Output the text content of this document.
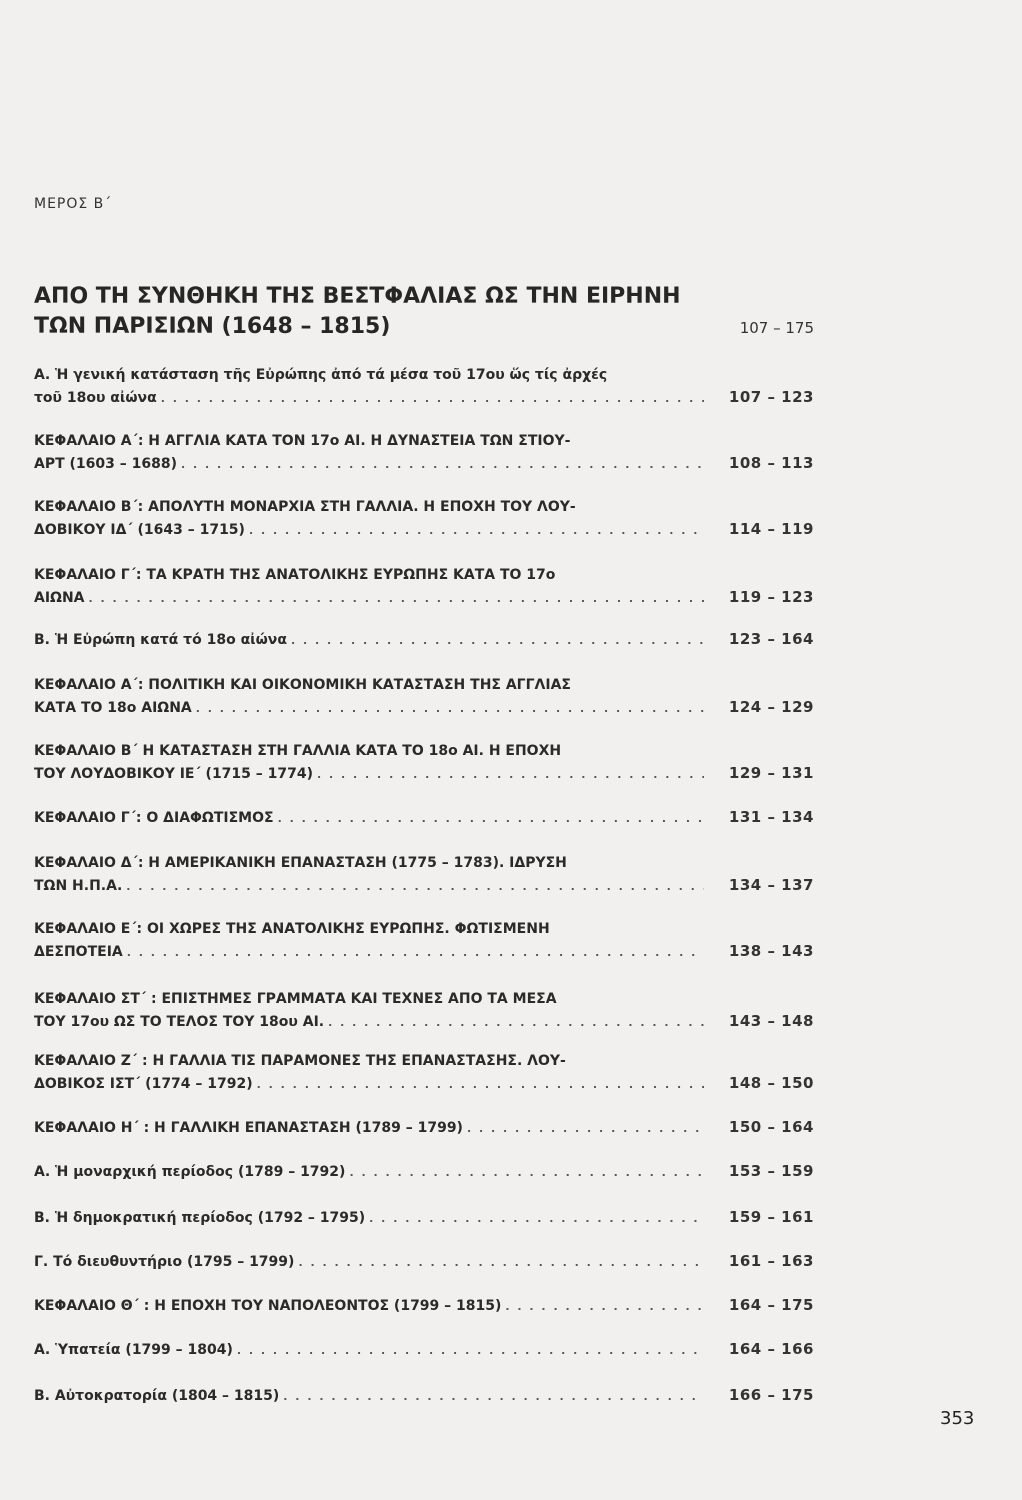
ΜΕΡΟΣ Β΄
ΑΠΟ ΤΗ ΣΥΝΘΗΚΗ ΤΗΣ ΒΕΣΤΦΑΛΙΑΣ ΩΣ ΤΗΝ ΕΙΡΗΝΗ
ΤΩΝ ΠΑΡΙΣΙΩΝ (1648 – 1815)	107 – 175
Α. Ἡ γενική κατάσταση τῆς Εὐρώπης ἀπό τά μέσα τοῦ 17ου ὥς τίς ἀρχές
τοῦ 18ου αἰώνα . . .	107 – 123
ΚΕΦΑΛΑΙΟ Α΄: Η ΑΓΓΛΙΑ ΚΑΤΑ ΤΟΝ 17ο ΑΙ. Η ΔΥΝΑΣΤΕΙΑ ΤΩΝ ΣΤΙΟΥ-
ΑΡΤ (1603 – 1688) . . .	108 – 113
ΚΕΦΑΛΑΙΟ Β΄: ΑΠΟΛΥΤΗ ΜΟΝΑΡΧΙΑ ΣΤΗ ΓΑΛΛΙΑ. Η ΕΠΟΧΗ ΤΟΥ ΛΟΥ-
ΔΟΒΙΚΟΥ ΙΔ΄ (1643 – 1715) . . .	114 – 119
ΚΕΦΑΛΑΙΟ Γ΄: ΤΑ ΚΡΑΤΗ ΤΗΣ ΑΝΑΤΟΛΙΚΗΣ ΕΥΡΩΠΗΣ ΚΑΤΑ ΤΟ 17ο
ΑΙΩΝΑ . . .	119 – 123
Β. Ἡ Εὐρώπη κατά τό 18ο αἰώνα . . .	123 – 164
ΚΕΦΑΛΑΙΟ Α΄: ΠΟΛΙΤΙΚΗ ΚΑΙ ΟΙΚΟΝΟΜΙΚΗ ΚΑΤΑΣΤΑΣΗ ΤΗΣ ΑΓΓΛΙΑΣ
ΚΑΤΑ ΤΟ 18ο ΑΙΩΝΑ . . .	124 – 129
ΚΕΦΑΛΑΙΟ Β΄ Η ΚΑΤΑΣΤΑΣΗ ΣΤΗ ΓΑΛΛΙΑ ΚΑΤΑ ΤΟ 18ο ΑΙ. Η ΕΠΟΧΗ
ΤΟΥ ΛΟΥΔΟΒΙΚΟΥ ΙΕ΄ (1715 – 1774) . . .	129 – 131
ΚΕΦΑΛΑΙΟ Γ΄: Ο ΔΙΑΦΩΤΙΣΜΟΣ . . .	131 – 134
ΚΕΦΑΛΑΙΟ Δ΄: Η ΑΜΕΡΙΚΑΝΙΚΗ ΕΠΑΝΑΣΤΑΣΗ (1775 – 1783). ΙΔΡΥΣΗ
ΤΩΝ Η.Π.Α. . . .	134 – 137
ΚΕΦΑΛΑΙΟ Ε΄: ΟΙ ΧΩΡΕΣ ΤΗΣ ΑΝΑΤΟΛΙΚΗΣ ΕΥΡΩΠΗΣ. ΦΩΤΙΣΜΕΝΗ
ΔΕΣΠΟΤΕΙΑ . . .	138 – 143
ΚΕΦΑΛΑΙΟ ΣΤ΄ : ΕΠΙΣΤΗΜΕΣ ΓΡΑΜΜΑΤΑ ΚΑΙ ΤΕΧΝΕΣ ΑΠΟ ΤΑ ΜΕΣΑ
ΤΟΥ 17ου ΩΣ ΤΟ ΤΕΛΟΣ ΤΟΥ 18ου ΑΙ. . . .	143 – 148
ΚΕΦΑΛΑΙΟ Ζ΄ : Η ΓΑΛΛΙΑ ΤΙΣ ΠΑΡΑΜΟΝΕΣ ΤΗΣ ΕΠΑΝΑΣΤΑΣΗΣ. ΛΟΥ-
ΔΟΒΙΚΟΣ ΙΣΤ΄ (1774 – 1792) . . .	148 – 150
ΚΕΦΑΛΑΙΟ Η΄ : Η ΓΑΛΛΙΚΗ ΕΠΑΝΑΣΤΑΣΗ (1789 – 1799) . . .	150 – 164
Α. Ἡ μοναρχική περίοδος (1789 – 1792) . . .	153 – 159
Β. Ἡ δημοκρατική περίοδος (1792 – 1795) . . .	159 – 161
Γ. Τό διευθυντήριο (1795 – 1799) . . .	161 – 163
ΚΕΦΑΛΑΙΟ Θ΄ : Η ΕΠΟΧΗ ΤΟΥ ΝΑΠΟΛΕΟΝΤΟΣ (1799 – 1815) . . .	164 – 175
Α. Ὑπατεία (1799 – 1804) . . .	164 – 166
Β. Αὐτοκρατορία (1804 – 1815) . . .	166 – 175
353
